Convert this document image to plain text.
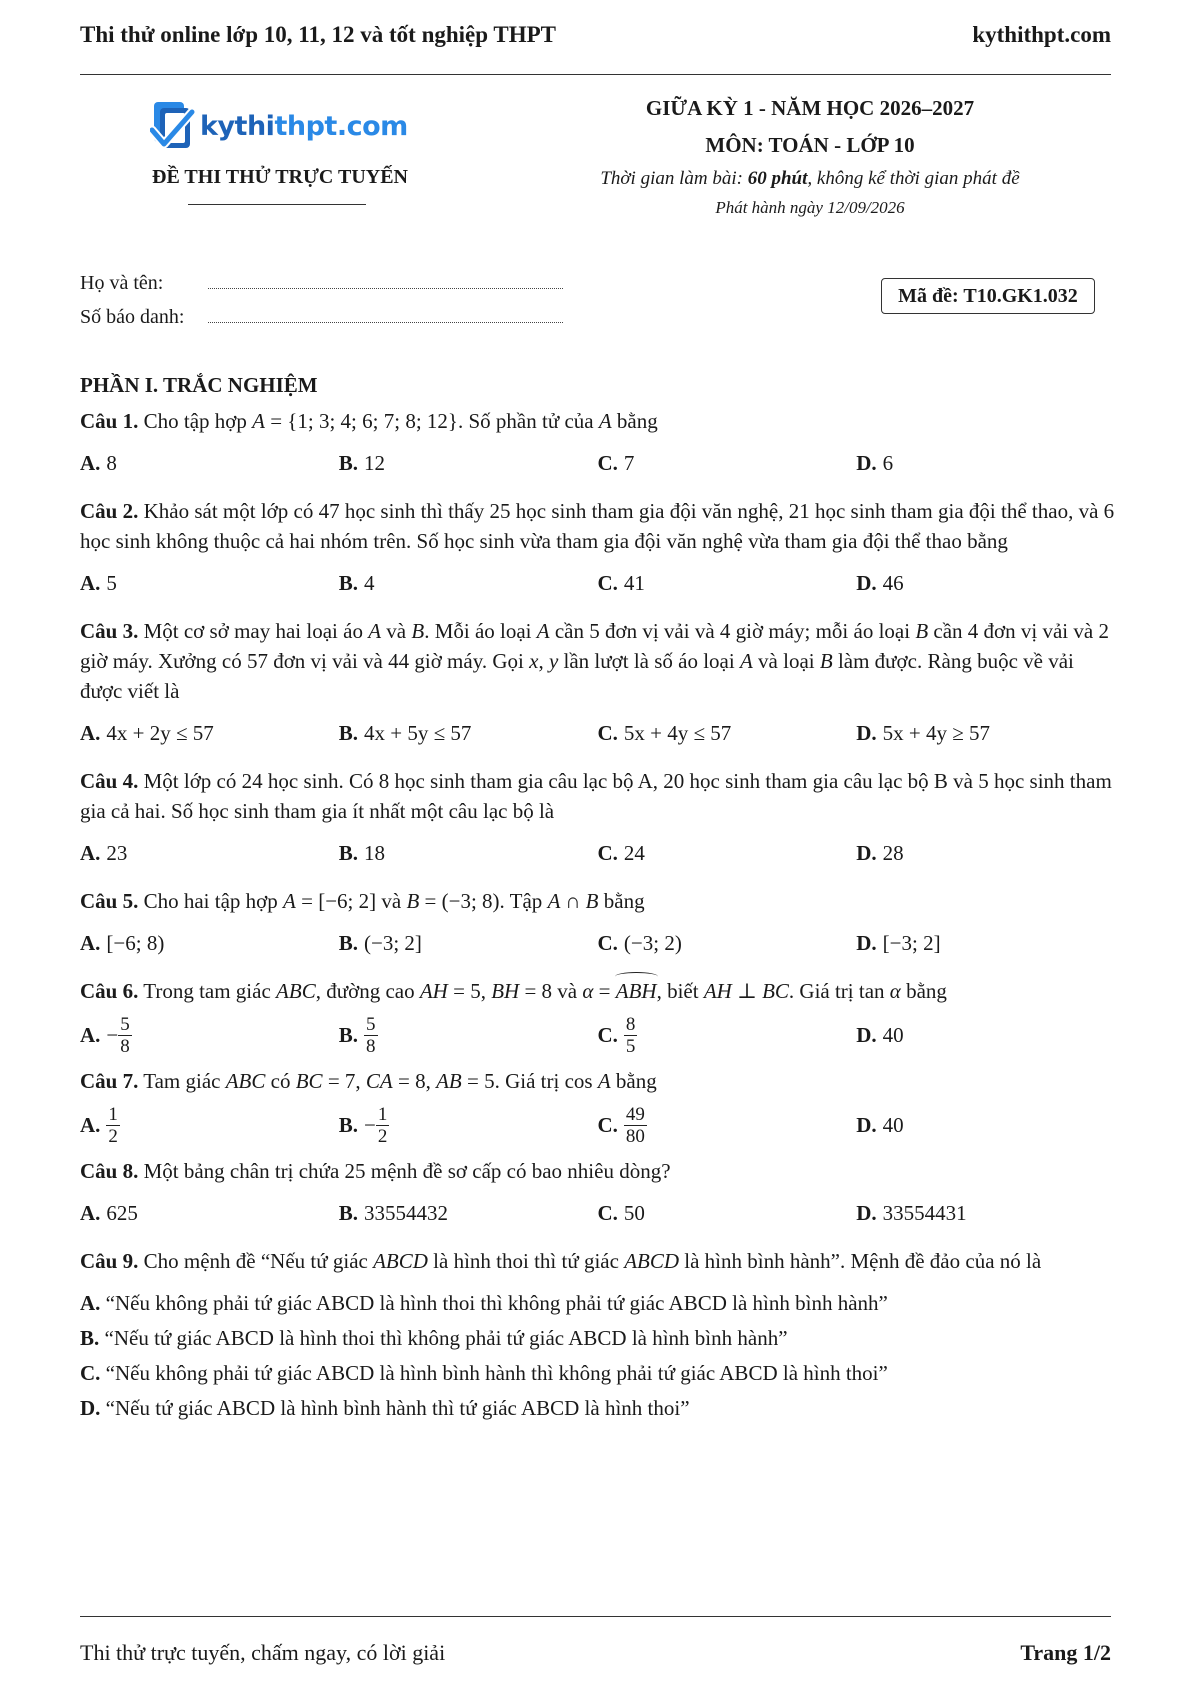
Thi thử online lớp 10, 11, 12 và tốt nghiệp THPT	kythithpt.com
kythithpt.com
ĐỀ THI THỬ TRỰC TUYẾN
GIỮA KỲ 1 - NĂM HỌC 2026–2027
MÔN: TOÁN - LỚP 10
Thời gian làm bài: 60 phút, không kể thời gian phát đề
Phát hành ngày 12/09/2026
Họ và tên:
Số báo danh:
Mã đề: T10.GK1.032
PHẦN I. TRẮC NGHIỆM
Câu 1. Cho tập hợp A = {1; 3; 4; 6; 7; 8; 12}. Số phần tử của A bằng
A. 8	B. 12	C. 7	D. 6
Câu 2. Khảo sát một lớp có 47 học sinh thì thấy 25 học sinh tham gia đội văn nghệ, 21 học sinh tham gia đội thể thao, và 6 học sinh không thuộc cả hai nhóm trên. Số học sinh vừa tham gia đội văn nghệ vừa tham gia đội thể thao bằng
A. 5	B. 4	C. 41	D. 46
Câu 3. Một cơ sở may hai loại áo A và B. Mỗi áo loại A cần 5 đơn vị vải và 4 giờ máy; mỗi áo loại B cần 4 đơn vị vải và 2 giờ máy. Xưởng có 57 đơn vị vải và 44 giờ máy. Gọi x, y lần lượt là số áo loại A và loại B làm được. Ràng buộc về vải được viết là
A. 4x + 2y ≤ 57	B. 4x + 5y ≤ 57	C. 5x + 4y ≤ 57	D. 5x + 4y ≥ 57
Câu 4. Một lớp có 24 học sinh. Có 8 học sinh tham gia câu lạc bộ A, 20 học sinh tham gia câu lạc bộ B và 5 học sinh tham gia cả hai. Số học sinh tham gia ít nhất một câu lạc bộ là
A. 23	B. 18	C. 24	D. 28
Câu 5. Cho hai tập hợp A = [−6; 2] và B = (−3; 8). Tập A ∩ B bằng
A. [−6; 8)	B. (−3; 2]	C. (−3; 2)	D. [−3; 2]
Câu 6. Trong tam giác ABC, đường cao AH = 5, BH = 8 và α = ABH, biết AH ⊥ BC. Giá trị tan α bằng
A. − $\frac{5}{8}$	B. $\frac{5}{8}$	C. $\frac{8}{5}$	D. 40
Câu 7. Tam giác ABC có BC = 7, CA = 8, AB = 5. Giá trị cos A bằng
A. $\frac{1}{2}$	B. − $\frac{1}{2}$	C. $\frac{49}{80}$	D. 40
Câu 8. Một bảng chân trị chứa 25 mệnh đề sơ cấp có bao nhiêu dòng?
A. 625	B. 33554432	C. 50	D. 33554431
Câu 9. Cho mệnh đề “Nếu tứ giác ABCD là hình thoi thì tứ giác ABCD là hình bình hành”. Mệnh đề đảo của nó là
A. “Nếu không phải tứ giác ABCD là hình thoi thì không phải tứ giác ABCD là hình bình hành”
B. “Nếu tứ giác ABCD là hình thoi thì không phải tứ giác ABCD là hình bình hành”
C. “Nếu không phải tứ giác ABCD là hình bình hành thì không phải tứ giác ABCD là hình thoi”
D. “Nếu tứ giác ABCD là hình bình hành thì tứ giác ABCD là hình thoi”
Thi thử trực tuyến, chấm ngay, có lời giải	Trang 1/2
